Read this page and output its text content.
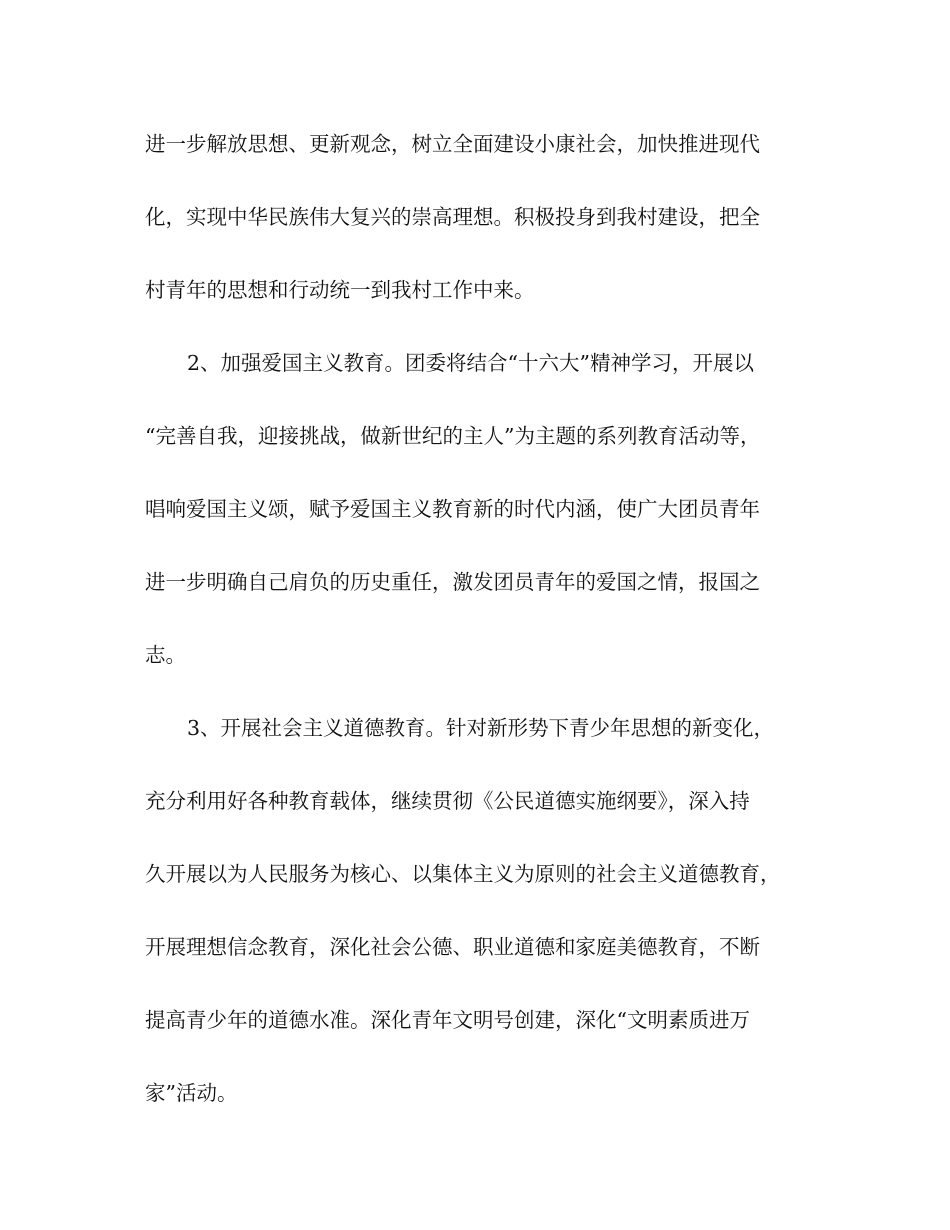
进一步解放思想、更新观念，树立全面建设小康社会，加快推进现代
化，实现中华民族伟大复兴的崇高理想。积极投身到我村建设，把全
村青年的思想和行动统一到我村工作中来。
2、加强爱国主义教育。团委将结合“十六大”精神学习，开展以
“完善自我，迎接挑战，做新世纪的主人”为主题的系列教育活动等，
唱响爱国主义颂，赋予爱国主义教育新的时代内涵，使广大团员青年
进一步明确自己肩负的历史重任，激发团员青年的爱国之情，报国之
志。
3、开展社会主义道德教育。针对新形势下青少年思想的新变化，
充分利用好各种教育载体，继续贯彻《公民道德实施纲要》，深入持
久开展以为人民服务为核心、以集体主义为原则的社会主义道德教育，
开展理想信念教育，深化社会公德、职业道德和家庭美德教育，不断
提高青少年的道德水准。深化青年文明号创建，深化“文明素质进万
家”活动。
